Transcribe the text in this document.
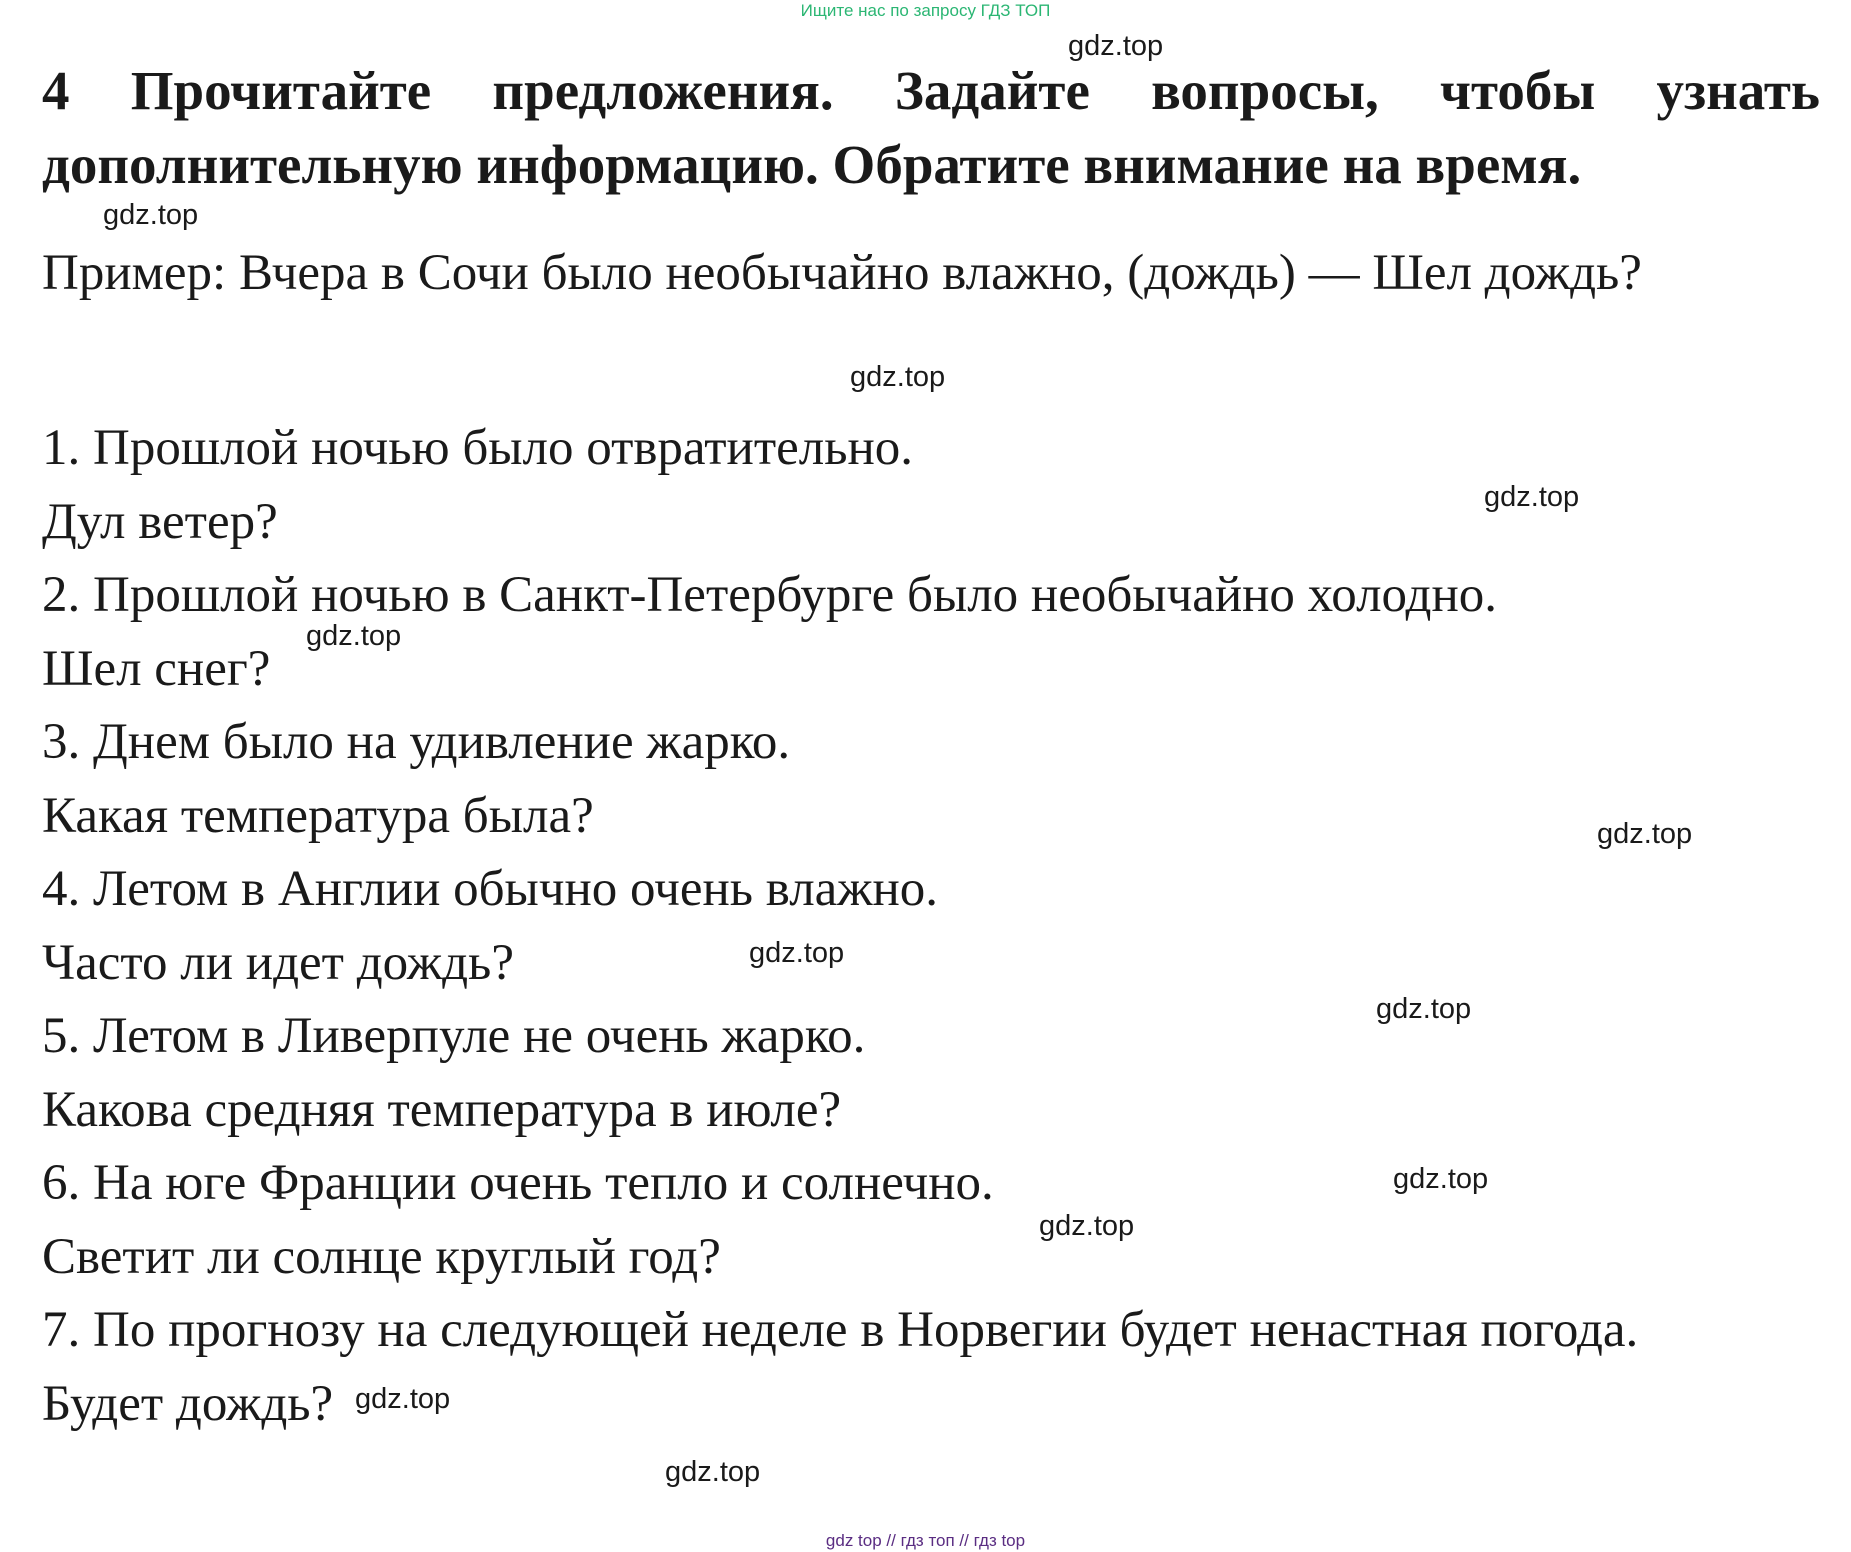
Ищите нас по запросу ГДЗ ТОП

4 Прочитайте предложения. Задайте вопросы, чтобы узнать дополнительную информацию. Обратите внимание на время.

Пример: Вчера в Сочи было необычайно влажно, (дождь) — Шел дождь?

1. Прошлой ночью было отвратительно.

Дул ветер?

2. Прошлой ночью в Санкт-Петербурге было необычайно холодно.

Шел снег?

3. Днем было на удивление жарко.

Какая температура была?

4. Летом в Англии обычно очень влажно.

Часто ли идет дождь?

5. Летом в Ливерпуле не очень жарко.

Какова средняя температура в июле?

6. На юге Франции очень тепло и солнечно.

Светит ли солнце круглый год?

7. По прогнозу на следующей неделе в Норвегии будет ненастная погода.

Будет дождь?

gdz.top
gdz.top
gdz.top
gdz.top
gdz.top
gdz.top
gdz.top
gdz.top
gdz.top
gdz.top
gdz.top
gdz.top
gdz top // гдз топ // гдз top
